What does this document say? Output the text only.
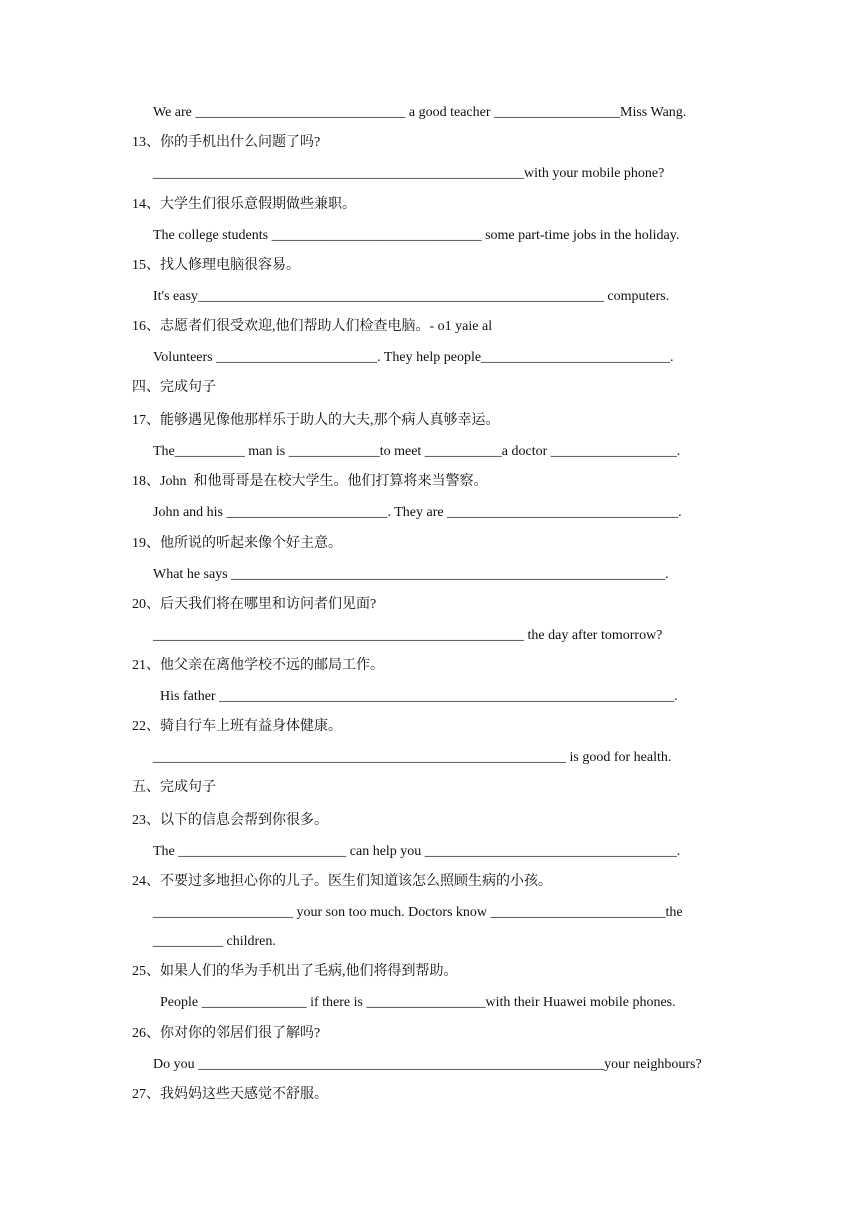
We are ______________________________ a good teacher __________________Miss Wang.
13、你的手机出什么问题了吗?
_____________________________________________________with your mobile phone?
14、大学生们很乐意假期做些兼职。
The college students ______________________________ some part-time jobs in the holiday.
15、找人修理电脑很容易。
It's easy__________________________________________________________ computers.
16、志愿者们很受欢迎,他们帮助人们检查电脑。- o1 yaie al
Volunteers _______________________. They help people___________________________.
四、完成句子
17、能够遇见像他那样乐于助人的大夫,那个病人真够幸运。
The__________ man is _____________to meet ___________a doctor __________________.
18、John  和他哥哥是在校大学生。他们打算将来当警察。
John and his _______________________. They are _________________________________.
19、他所说的听起来像个好主意。
What he says ______________________________________________________________.
20、后天我们将在哪里和访问者们见面?
_____________________________________________________ the day after tomorrow?
21、他父亲在离他学校不远的邮局工作。
His father _________________________________________________________________.
22、骑自行车上班有益身体健康。
___________________________________________________________ is good for health.
五、完成句子
23、以下的信息会帮到你很多。
The ________________________ can help you ____________________________________.
24、不要过多地担心你的儿子。医生们知道该怎么照顾生病的小孩。
____________________ your son too much. Doctors know _________________________the
__________ children.
25、如果人们的华为手机出了毛病,他们将得到帮助。
People _______________ if there is _________________with their Huawei mobile phones.
26、你对你的邻居们很了解吗?
Do you __________________________________________________________your neighbours?
27、我妈妈这些天感觉不舒服。
